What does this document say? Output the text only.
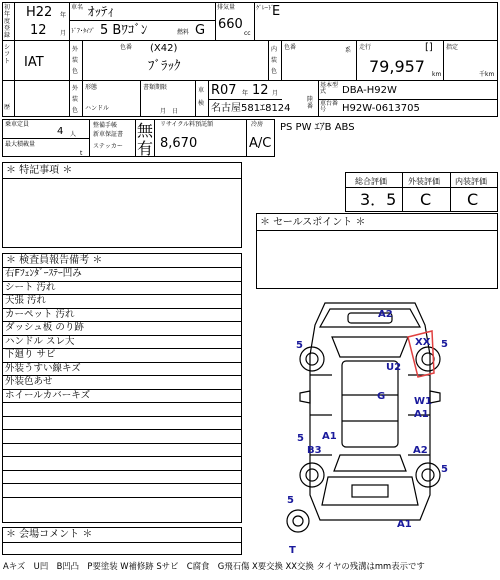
初年度登録
H22 年
12 月
車名 ｵｯﾃｨ
ﾄﾞｱ･ﾀｲﾌﾟ 5 Bﾜｺﾞﾝ	燃料 G
排気量
660
cc
ｸﾞﾚｰﾄﾞ
E
シフト IAT
外装色
色番 (X42)
ﾌﾞﾗｯｸ
内装色
色番	系 走行	[]
79,957 km
指定
千km
歴
外装色
形態
ハンドル
書類期限
月　日
車検
R07 年 12 月
名古屋581ｴ8124
陸番
基本型式	DBA-H92W
車台番号	H92W-0613705
乗車定員
4 人
最大積載量
t
整備手帳
新車保証書
ステッカー
無
有
リサイクル料預託額
8,670
冷房
A/C
PS PW ｴｱB ABS
＊ 特記事項 ＊
総合評価	外装評価 内装評価
3．5 C C
＊ セールスポイント ＊
＊ 検査員報告備考 ＊
右Fﾌｪﾝﾀﾞｰｽﾃｰ凹み
シート 汚れ
天張 汚れ
カーペット 汚れ
ダッシュ板 のり跡
ハンドル スレ大
下廻り サビ
外装うすい線キズ
外装色あせ
ホイールカバーキズ
＊ 会場コメント ＊
A2
XX
U2
G	W1
A1
A1
B3	A2
A1
T
5	5
5
5
5
Aキズ　U凹　B凹凸　P要塗装 W補修跡 Sサビ　C腐食　G飛石傷 X要交換 XX交換 タイヤの残溝はmm表示です
